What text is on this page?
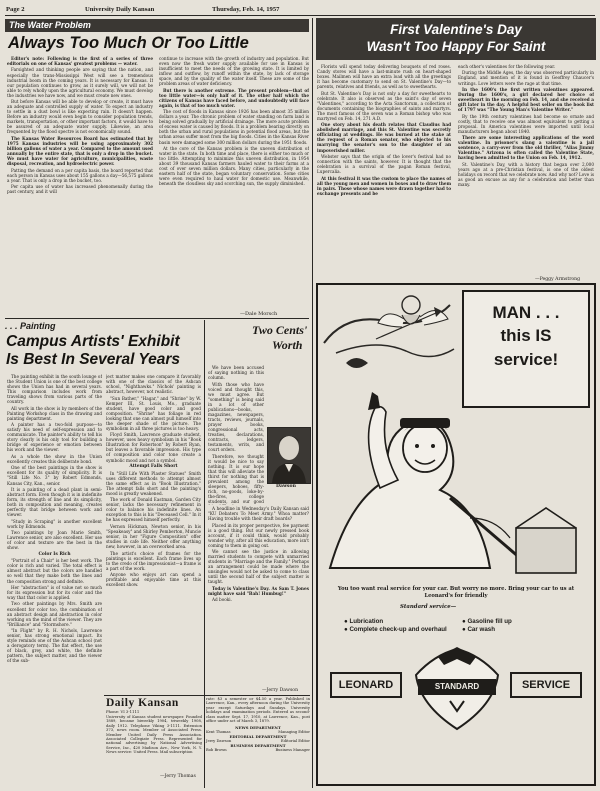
Page 2	University Daily Kansan	Thursday, Feb. 14, 1957
The Water Problem
Always Too Much Or Too Little

Editor's note: Following is the first of a series of three editorials on one of Kansas' greatest problems — water.

Farsighted and thinking people are saying that the nation, and especially the trans-Mississippi West will see a tremendous industrial boom in the coming years. It is necessary for Kansas. If our population continues to grow, as it surely will, we will not be able to rely wholly upon the agricultural economy. We must develop the industries we have now, and we must create new ones.

But before Kansas will be able to develop or create, it must have an adequate and controlled supply of water. To expect an industry to settle in a dust bowl is like expecting rain. It doesn't happen. Before an industry would even begin to consider population trends, markets, transportation, or other important factors, it would have to be assured of an adequate water supply. Likewise, an area frequented by the flood spectre is not economically sound.

The Kansas Water Resources Board has estimated that by 1975 Kansas industries will be using approximately 302 billion gallons of water a year. Compared to the amount used annually by the entire state, that is only a drop in the bucket. We must have water for agriculture, municipalities, waste disposal, recreation, and hydroelectric power.

Patting the demand on a per capita basis, the board reported that each person in Kansas uses about 155 gallons a day—56,575 gallons a year. That is only a drop in the bucket, too.

Per capita use of water has increased phenomenally during the past century, and it will

continue to increase with the growth of industry and population. But even now the fresh water supply available for use in Kansas is insufficient to meet the needs of the growing state. It is limited by inflow and outflow, by runoff within the state, by lack of storage space, and by the quality of the water itself. These are some of the problem areas of water deficiency.

But there is another extreme. The present problem—that of too little water—is only half of it. The other half which the citizens of Kansas have faced before, and undoubtedly will face again, is that of too much water.

The cost of floods in Kansas since 1926 has been almost 35 million dollars a year. The chronic problem of water standing on farm land is being solved gradually by artificial drainage. The more acute problem of excess water is caused by floods. It is a problem bearing directly on both the urban and rural populations in potential flood areas, but the urban areas suffer most from the big floods. Cities in the Kansas River basin were damaged some 300 million dollars during the 1951 floods.

At the core of the Kansas problem is the uneven distribution of water in the state. In both time and place, there is either too much or too little. Attempting to minimize this uneven distribution, in 1954 about 39 thousand Kansas farmers hauled water to their farms at a cost of over seven million dollars. Many cities, particularly in the eastern half of the state, began voluntary conservation. Some cities were even required to haul water for domestic use. Meanwhile, beneath the cloudless sky and scorching sun, the supply diminished.

—Dale Morsch
First Valentine's Day
Wasn't Too Happy For Saint

Florists will spend today delivering bouquets of red roses. Candy stores will have a last-minute rush on heart-shaped boxes. Mailmen will have an extra load with all the greetings it has become customary to send on St. Valentine's Day—to parents, relatives and friends, as well as to sweethearts.

But St. Valentine's Day is not only a day for sweethearts to celebrate. It also is observed as the saint's day of seven "Valentines," according to the Acta Sanctorum, a collection of documents containing the biographies of saints and martyrs. The most famous of the seven was a Roman bishop who was martyred on Feb. 14, 271 A.D.

One story about his death relates that Claudius had abolished marriage, and this St. Valentine was secretly officiating at weddings. He was burned at the stake at the request of a Roman senator, who objected to his marrying the senator's son to the daughter of an impoverished miller.

Webster says that the origin of the lover's festival had no connection with the saints, however. It is thought that the celebration is a survival of the pagan Roman festival, Lupercalia.

At this festival it was the custom to place the names of all the young men and women in boxes and to draw them in pairs. Those whose names were drawn together had to exchange presents and be

each other's valentines for the following year.

During the Middle Ages, the day was observed particularly in England, and mention of it is found in Geoffrey Chaucer's writings. Love letters were the rage at that time.

In the 1600's the first written valentines appeared. During the 1600's, a girl declared her choice of sweetheart in the morning on Feb. 14, and she received a gift later in the day. A helpful best seller on the book list of 1797 was "The Young Man's Valentine Writer."

By the 19th century valentines had become so ornate and costly, that to receive one was almost equivalent to getting a proposal. In America valentines were imported until local manufacturers began about 1840.

There are some interesting applications of the word valentine. In prisoner's slang a valentine is a jail sentence, a carry-over from the old thriller, "Alias Jimmy Valentine." Arizona is often called the Valentine State, having been admitted to the Union on Feb. 14, 1912.

St. Valentine's Day, with a history that began over 2,000 years ago at a pre-Christian festival, is one of the oldest holidays on record that we celebrate now. And why not? Love is as good an excuse as any for a celebration and better than many.

—Peggy Armstrong
. . . Painting
Campus Artists' Exhibit
Is Best In Several Years

The painting exhibit in the south lounge of the Student Union is one of the best college shows the Union has had in several years. This comparison includes work from traveling shows from various parts of the country.

All work in the show is by members of the Painting Workshop class in the drawing and painting department.

A painter has a two-fold purpose—to satisfy his need of self-expression and to communicate. The painter's ability to tell his story clearly is his only tool for building a bridge of experience or emotion between his work and the viewer.

As a whole the show in the Union excellently creates this deliberate bond.

One of the best paintings in the show is excellent for its quality of simplicity. It is "Still Life No. 3" by Robert Edmonds, Kansas City, Kan., senior.

It is a painting of a dead plant in semi-abstract form. Even though it is in indefinite form, its strength of line and its simplicity, both in composition and meaning, creates perfectly that bridge between work and viewer.

"Study in Scraping" is another excellent work by Edmonds.

Two paintings by Joan Marie Smith, Lawrence senior, are also excellent. Her use of color and texture are the best in the show.

Color Is Rich

"Portrait of a Chair" is her best work. The color is rich and varied. The total effect is almost abstract but the colors are handled so well that they make both the lines and the composition strong and definite.

Her "abstraction" is of value not so much for its expression but for its color and the way that that color is applied.

Two other paintings by Mrs. Smith are excellent for color too, the combination of an abstract design and abstraction in color working on the mind of the viewer. They are "Brilliance" and "Stormshore."

"In Flight" by R. H. Nichols, Lawrence senior, has strong emotional impact. Its style reminds one of the Ashcan school (not a derogatory term). The flat effect, the use of black, grey, and white, the definite pattern, the subject matter, and the viewer of the sub-

ject matter makes one compare it favorably with one of the classics of the Ashcan school, "Nighthawks." Nichols' painting is abstract, however, not realistic.

"Sun Bather," "Hagar," and "Shrine" by W. Kemper III, St. Louis, Mo., graduate student, have good color and good composition. "Shrine" has foliage in red looking that one can almost pull himself into the deeper shade of the picture. The symbolism in all three pictures is too heavy.

Floyd Smith, Lawrence graduate student, however, uses heavy symbolism in his "Book Illustration for Robertson" by Robert Ryan, but leaves a favorable impression. His type of composition and color tone create a symbolic mood and not a symbol.

Attempt Falls Short

In "Still Life With Plaster Statues" Smith uses different methods to attempt almost the same effect as in "Book Illustration." The attempt falls short and the painting's mood is greatly weakened.

The work of Donald Eastman, Garden City senior, lacks the necessary refinement in color to balance his indefinite lines. An exception to this is his "Deceased Cell." In it he has expressed himself perfectly.

Vernon Hickman, Newton senior, in his "Speakeasy" and Shirley Pemberton, Muncie senior, in her "Figure Composition" offer studies in cafe life. Neither offer anything new, however, in an overworked area.

The artist's choice of frames for the paintings is excellent. Each frame lives up to the credo of the impressionist—a frame is a part of the work.

Anyone who enjoys art can spend a profitable and enjoyable time at this excellent show.

—Jerry Thomas
Two Cents'
Worth
Dawson

We have been accused of saying nothing in this column.

With those who have voiced and thought this, we must agree. But "something" is being said in a lot of other publications—books, magazines, newspapers, tracts, reviews, journals, prayer books, congressional acts, treaties, declarations, contracts, ledgers, testaments, writs, and court orders.

Therefore, we thought it would be nice to say nothing. It is our hope that this will alleviate the thirst for nothing that is prevalent among the sleepers, hoboes, fifty-rich, no-goods, loke-by-the-fires, college students, and our good

A headline in Wednesday's Daily Kansan said "KU Debaters To Meet Army." Whoa matter? Having trouble with their draft boards?

Placed in its proper perspective, fee payment is a good thing. But our newly pressed book account, if it could think, would probably wonder why, after all this education, more isn't coming to them in going out.

We cannot see the justice in allowing married students to compete with unmarried students in "Marriage and the Family." Perhaps an arrangement could be made where the unsingles would not be asked to come to class until the second half of the subject matter is taught.

Today is Valentine's Day. As Sam T. Jones might have said "Bah! Humbug!"

Ad booki.

—Jerry Dawson
Daily Kansan
Phone: VI 3-1111
University of Kansas student newspaper. Founded 1889, became biweekly 1904, triweekly 1908, daily 1912. Telephone Viking 3-1111. Extension 373, news room. Member of Associated Press. Member United Daily Press Association. Associated Collegiate Press. Represented for national advertising by National Advertising Service, Inc., 420 Madison Ave., New York, N. Y. News service: United Press. Mail subscription
rate: $3 a semester or $4.50 a year. Published in Lawrence, Kan., every afternoon during the University year except Saturdays and Sundays. University holidays and examination periods. Entered as second-class matter Sept. 17, 1910, at Lawrence, Kan., post office under act of March 3, 1879.
NEWS DEPARTMENT
Kent Thomas	Managing Editor
EDITORIAL DEPARTMENT
Jerry Dawson	Editorial Editor
BUSINESS DEPARTMENT
Bob Brown	Business Manager
MAN . . .
this IS
service!
You too want real service for your car. But worry no more. Bring your car to us at Leonard's for friendly
Standard service—
● Lubrication
● Complete check-up and overhaul
● Gasoline fill up
● Car wash
LEONARD	SERVICE
STANDARD
